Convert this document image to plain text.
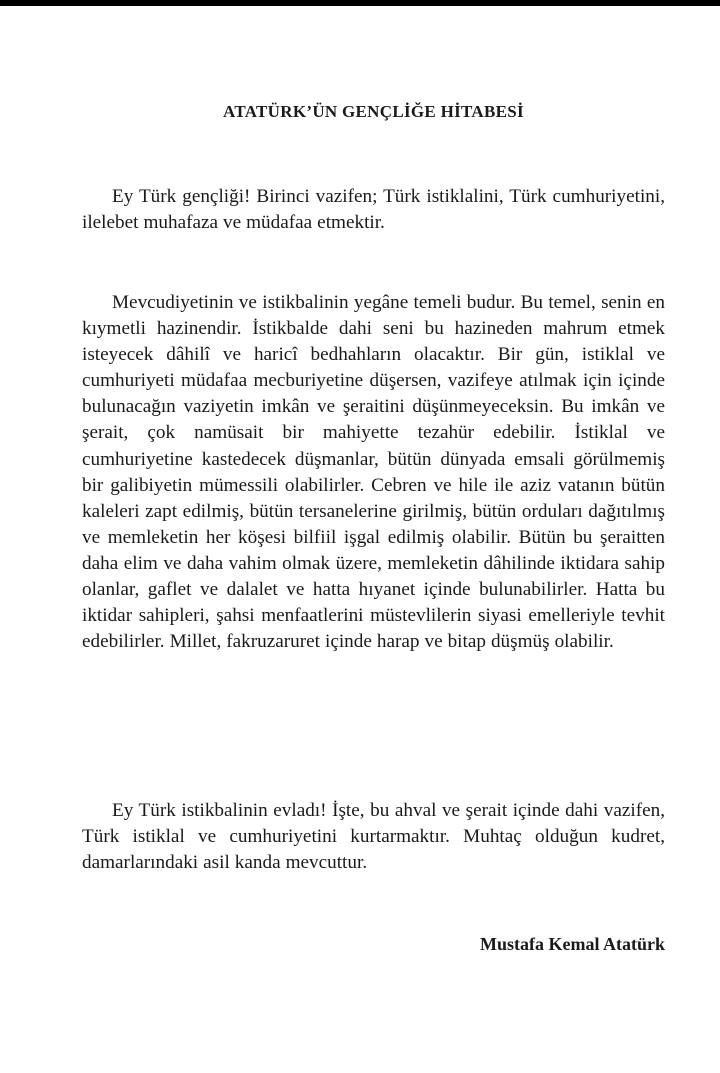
ATATÜRK’ÜN GENÇLİĞE HİTABESİ

Ey Türk gençliği! Birinci vazifen; Türk istiklalini, Türk cumhuriyetini, ilelebet muhafaza ve müdafaa etmektir.

Mevcudiyetinin ve istikbalinin yegâne temeli budur. Bu temel, senin en kıymetli hazinendir. İstikbalde dahi seni bu hazineden mahrum etmek isteyecek dâhilî ve haricî bedhahların olacaktır. Bir gün, istiklal ve cumhuriyeti müdafaa mecburiyetine düşersen, vazifeye atılmak için içinde bulunacağın vaziyetin imkân ve şeraitini düşünmeyeceksin. Bu imkân ve şerait, çok namüsait bir mahiyette tezahür edebilir. İstiklal ve cumhuriyetine kastedecek düşmanlar, bütün dünyada emsali görülmemiş bir galibiyetin mümessili olabilirler. Cebren ve hile ile aziz vatanın bütün kaleleri zapt edilmiş, bütün tersanelerine girilmiş, bütün orduları dağıtılmış ve memleketin her köşesi bilfiil işgal edilmiş olabilir. Bütün bu şeraitten daha elim ve daha vahim olmak üzere, memleketin dâhilinde iktidara sahip olanlar, gaflet ve dalalet ve hatta hıyanet içinde bulunabilirler. Hatta bu iktidar sahipleri, şahsi menfaatlerini müstevlilerin siyasi emelleriyle tevhit edebilirler. Millet, fakruzaruret içinde harap ve bitap düşmüş olabilir.

Ey Türk istikbalinin evladı! İşte, bu ahval ve şerait içinde dahi vazifen, Türk istiklal ve cumhuriyetini kurtarmaktır. Muhtaç olduğun kudret, damarlarındaki asil kanda mevcuttur.

Mustafa Kemal Atatürk
